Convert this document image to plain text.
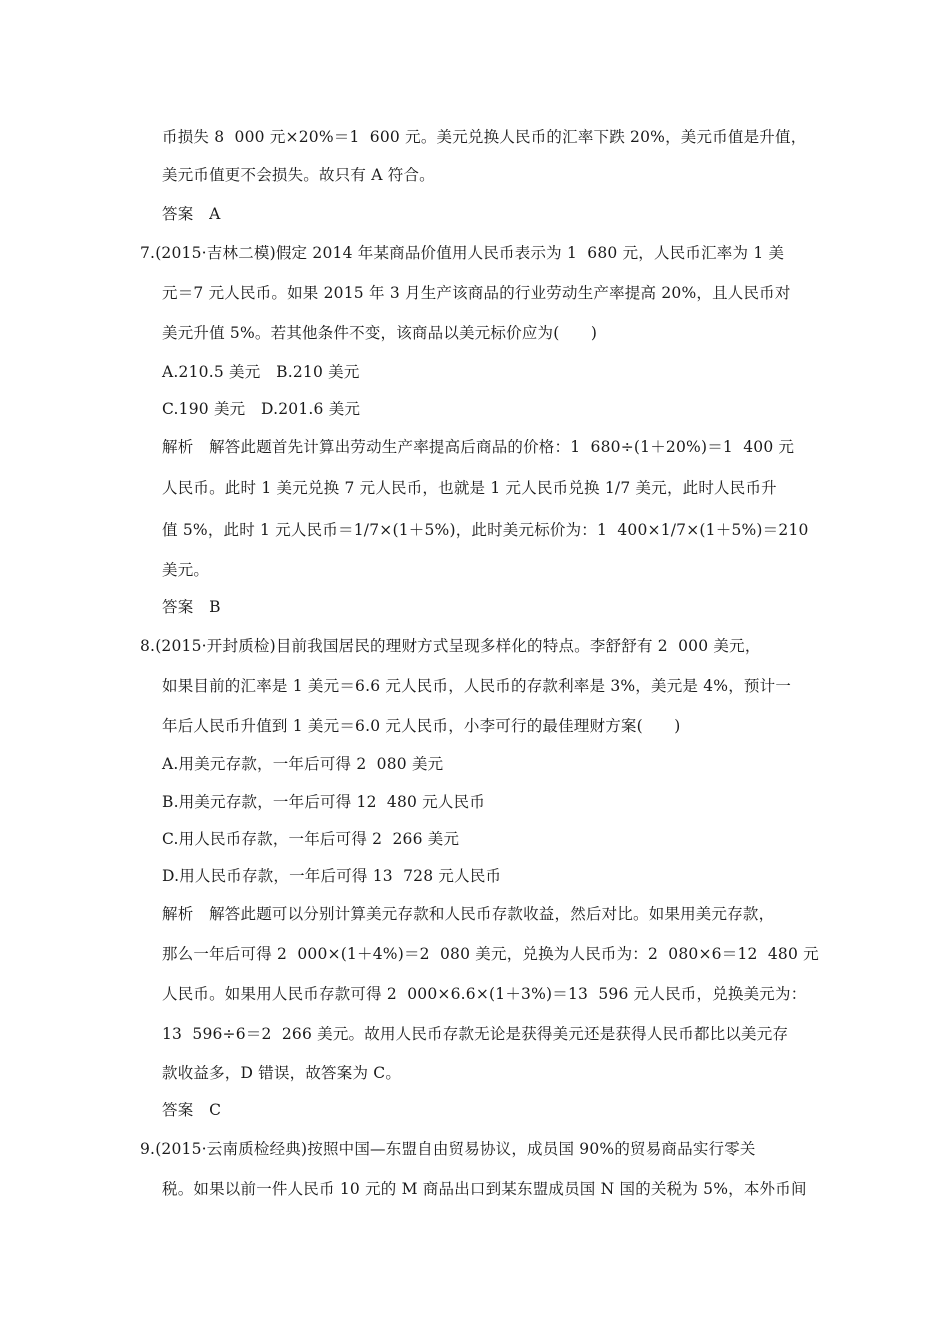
币损失 8  000 元×20%＝1  600 元。美元兑换人民币的汇率下跌 20%，美元币值是升值，
美元币值更不会损失。故只有 A 符合。
答案　A
7.(2015·吉林二模)假定 2014 年某商品价值用人民币表示为 1  680 元，人民币汇率为 1 美
元＝7 元人民币。如果 2015 年 3 月生产该商品的行业劳动生产率提高 20%，且人民币对
美元升值 5%。若其他条件不变，该商品以美元标价应为(　　)
A.210.5 美元　B.210 美元
C.190 美元　D.201.6 美元
解析　解答此题首先计算出劳动生产率提高后商品的价格：1  680÷(1＋20%)＝1  400 元
人民币。此时 1 美元兑换 7 元人民币，也就是 1 元人民币兑换 1/7 美元，此时人民币升
值 5%，此时 1 元人民币＝1/7×(1＋5%)，此时美元标价为：1  400×1/7×(1＋5%)＝210
美元。
答案　B
8.(2015·开封质检)目前我国居民的理财方式呈现多样化的特点。李舒舒有 2  000 美元，
如果目前的汇率是 1 美元＝6.6 元人民币，人民币的存款利率是 3%，美元是 4%，预计一
年后人民币升值到 1 美元＝6.0 元人民币，小李可行的最佳理财方案(　　)
A.用美元存款，一年后可得 2  080 美元
B.用美元存款，一年后可得 12  480 元人民币
C.用人民币存款，一年后可得 2  266 美元
D.用人民币存款，一年后可得 13  728 元人民币
解析　解答此题可以分别计算美元存款和人民币存款收益，然后对比。如果用美元存款，
那么一年后可得 2  000×(1＋4%)＝2  080 美元，兑换为人民币为：2  080×6＝12  480 元
人民币。如果用人民币存款可得 2  000×6.6×(1＋3%)＝13  596 元人民币，兑换美元为：
13  596÷6＝2  266 美元。故用人民币存款无论是获得美元还是获得人民币都比以美元存
款收益多，D 错误，故答案为 C。
答案　C
9.(2015·云南质检经典)按照中国—东盟自由贸易协议，成员国 90%的贸易商品实行零关
税。如果以前一件人民币 10 元的 M 商品出口到某东盟成员国 N 国的关税为 5%，本外币间
